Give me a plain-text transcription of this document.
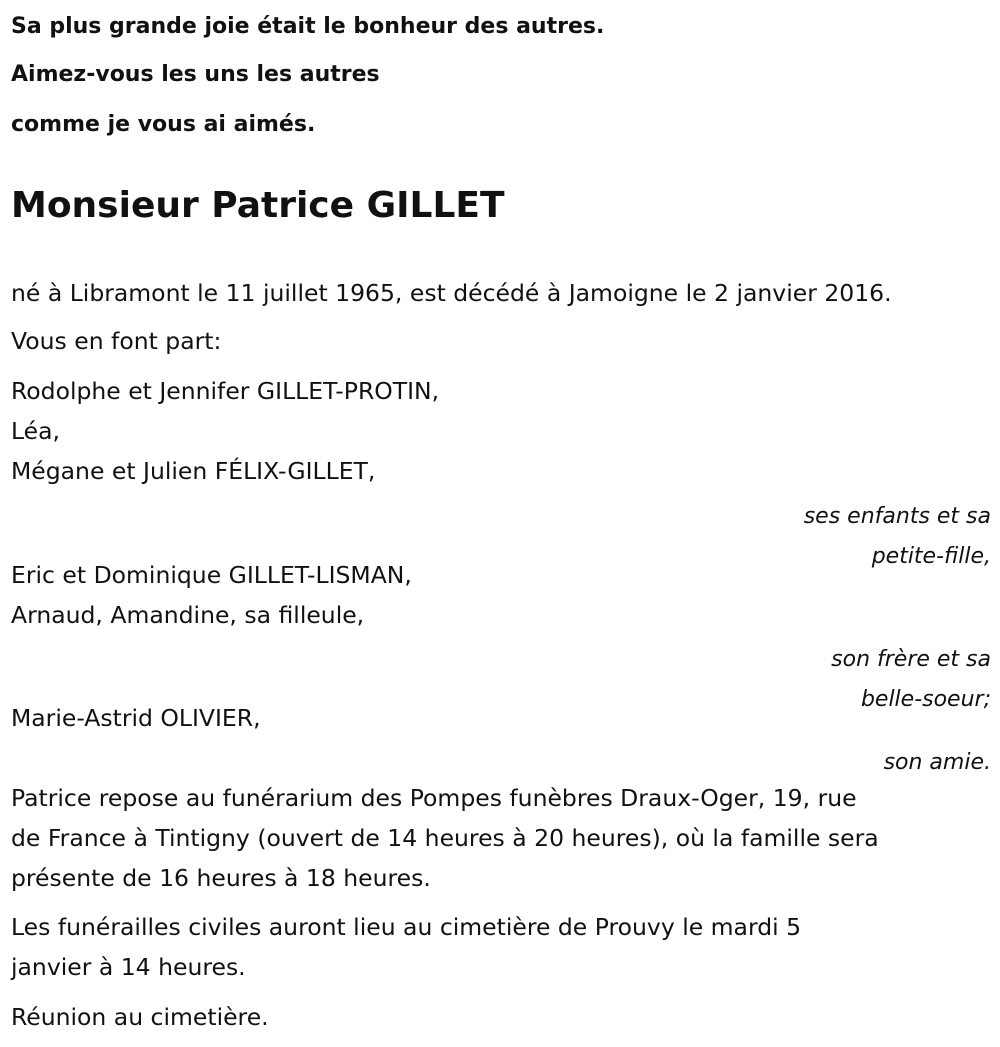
Sa plus grande joie était le bonheur des autres.

Aimez-vous les uns les autres

comme je vous ai aimés.

Monsieur Patrice GILLET

né à Libramont le 11 juillet 1965, est décédé à Jamoigne le 2 janvier 2016.

Vous en font part:

Rodolphe et Jennifer GILLET-PROTIN,

Léa,

Mégane et Julien FÉLIX-GILLET,

ses enfants et sa

petite-fille,

Eric et Dominique GILLET-LISMAN,

Arnaud, Amandine, sa filleule,

son frère et sa

belle-soeur;

Marie-Astrid OLIVIER,

son amie.

Patrice repose au funérarium des Pompes funèbres Draux-Oger, 19, rue

de France à Tintigny (ouvert de 14 heures à 20 heures), où la famille sera

présente de 16 heures à 18 heures.

Les funérailles civiles auront lieu au cimetière de Prouvy le mardi 5

janvier à 14 heures.

Réunion au cimetière.
